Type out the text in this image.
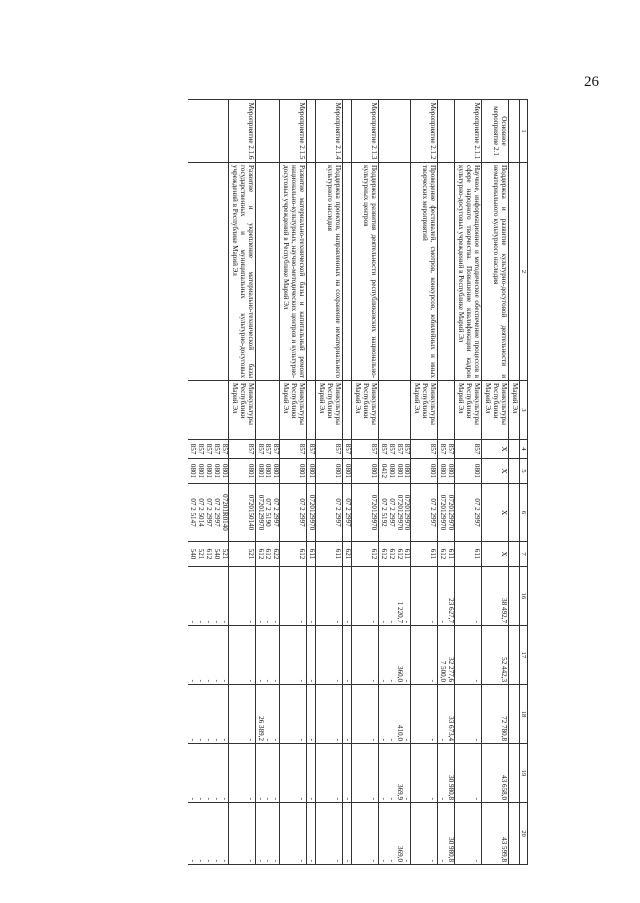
26
1	2	3	4	5	6	7	16	17	18	19	20
		Марий Эл									
Основное мероприятие 2.1	Поддержка и развитие культурно-досуговой деятельности и нематериального культурного наследия	Минкультуры Республики Марий Эл	X	X	X	X	38 492,7	52 442,3	72 780,8	43 658,0	43 599,8
Мероприятие 2.1.1	Научное, информационное и методическое обеспечение процессов в сфере народного творчества. Повышение квалификации кадров культурно-досуговых учреждений в Республике Марий Эл	Минкультуры Республики Марий Эл	857	0801	07 2 2997	611	-	-	-	-	-
			857	0801	0720129970	611	23 627,7	32 277,6	33 673,4	30 980,8	30 980,8
			857	0801	0720129970	612	-	7 500,0	-	-	-
Мероприятие 2.1.2	Проведение фестивалей, смотров, конкурсов, юбилейных и иных творческих мероприятий	Минкультуры Республики Марий Эл	857	0801	07 2 2997	611	-	-	-	-	-
			857	0801	0720129970	611	-	-	-	-	-
			857	0801	0720129970	612	1 220,7	360,0	410,0	369,9	369,0
			857	0801	07 2 2997	612	-	-	-	-	-
			857	0412	07 2 5192	612	-	-	-	-	-
Мероприятие 2.1.3	Поддержка развития деятельности республиканских национально-культурных центров	Минкультуры Республики Марий Эл	857	0801	0720129970	612	-	-	-	-	-
			857	0801	07 2 2997	621	-	-	-	-	-
Мероприятие 2.1.4	Поддержка проектов, направленных на сохранение нематериального культурного наследия	Минкультуры Республики Марий Эл	857	0801	07 2 2997	611	-	-	-	-	-
			857	0801	0720129970	611	-	-	-	-	-
Мероприятие 2.1.5	Развитие материально-технической базы и капитальный ремонт национально-культурных, научно-методических центров и культурно-досуговых учреждений в Республике Марий Эл	Минкультуры Республики Марий Эл	857	0801	07 2 2997	612	-	-	-	-	-
			857	0801	07 2 2997	622	-	-	-	-	-
			857	0801	07 2 5190	612	-	-	-	-	-
			857	0801	0720129970	612	-	-	26 389,2	-	-
Мероприятие 2.1.6	Развитие и укрепление материально-технической базы государственных и муниципальных культурно-досуговых учреждений в Республике Марий Эл	Минкультуры Республики Марий Эл	857	0801	0720150140	521	-	-	-	-	-
			857	0801	07201R0140	521	-	-	-	-	-
			857	0801	07 2 2997	540	-	-	-	-	-
			857	0801	07 2 2997	612	-	-	-	-	-
			857	0801	07 2 5014	521	-	-	-	-	-
			857	0801	07 2 5147	540	-	-	-	-	-
